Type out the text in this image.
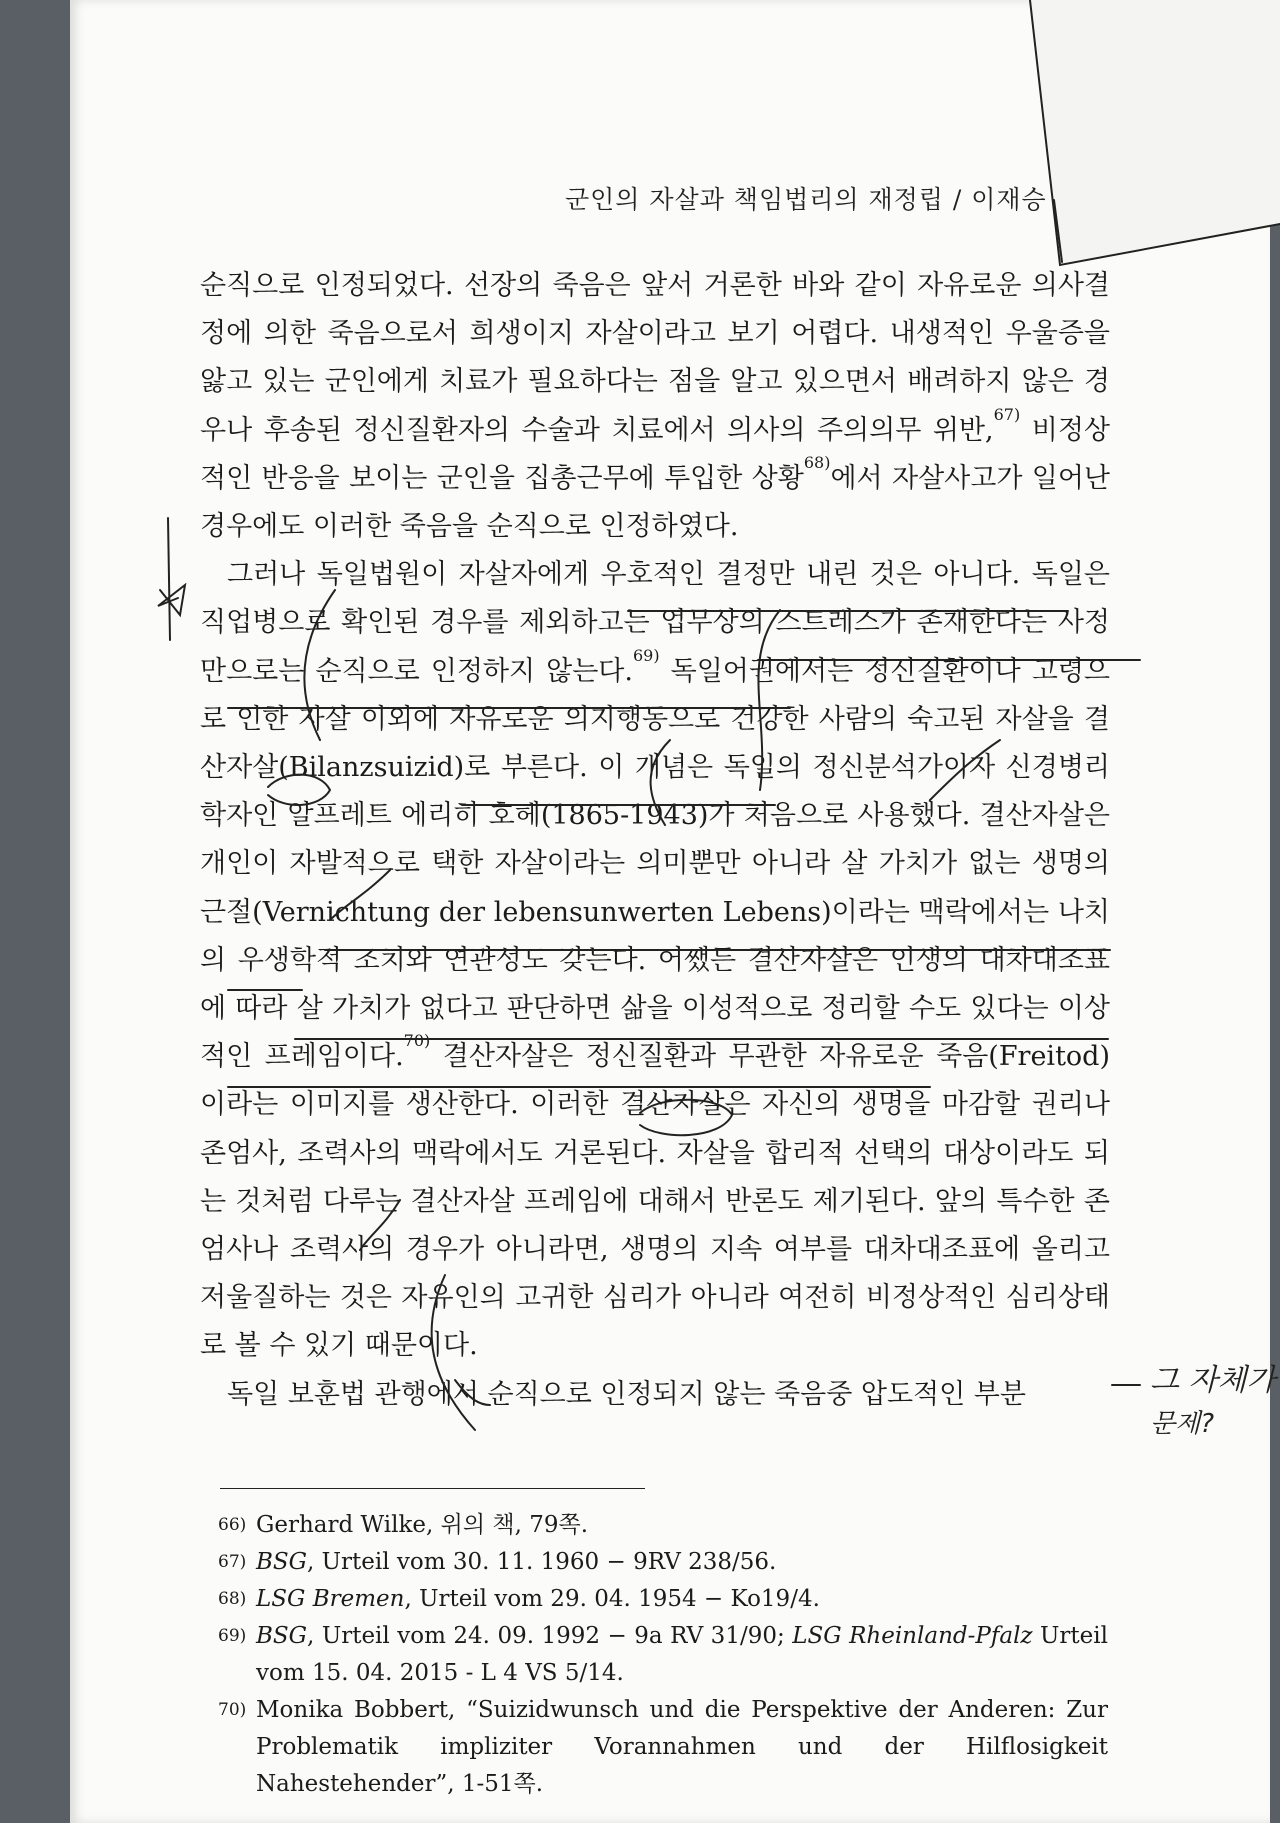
군인의 자살과 책임법리의 재정립 / 이재승

순직으로 인정되었다. 선장의 죽음은 앞서 거론한 바와 같이 자유로운 의사결정에 의한 죽음으로서 희생이지 자살이라고 보기 어렵다. 내생적인 우울증을 앓고 있는 군인에게 치료가 필요하다는 점을 알고 있으면서 배려하지 않은 경우나 후송된 정신질환자의 수술과 치료에서 의사의 주의의무 위반,$^{67)}$ 비정상적인 반응을 보이는 군인을 집총근무에 투입한 상황$^{68)}$에서 자살사고가 일어난 경우에도 이러한 죽음을 순직으로 인정하였다.

그러나 독일법원이 자살자에게 우호적인 결정만 내린 것은 아니다. 독일은 직업병으로 확인된 경우를 제외하고는 업무상의 스트레스가 존재한다는 사정만으로는 순직으로 인정하지 않는다.$^{69)}$ 독일어권에서는 정신질환이나 고령으로 인한 자살 이외에 자유로운 의지행동으로 건강한 사람의 숙고된 자살을 결산자살(Bilanzsuizid)로 부른다. 이 개념은 독일의 정신분석가이자 신경병리학자인 알프레트 에리히 호헤(1865-1943)가 처음으로 사용했다. 결산자살은 개인이 자발적으로 택한 자살이라는 의미뿐만 아니라 살 가치가 없는 생명의 근절(Vernichtung der lebensunwerten Lebens)이라는 맥락에서는 나치의 우생학적 조치와 연관성도 갖는다. 어쨌든 결산자살은 인생의 대차대조표에 따라 살 가치가 없다고 판단하면 삶을 이성적으로 정리할 수도 있다는 이상적인 프레임이다.$^{70)}$ 결산자살은 정신질환과 무관한 자유로운 죽음(Freitod)이라는 이미지를 생산한다. 이러한 결산자살은 자신의 생명을 마감할 권리나 존엄사, 조력사의 맥락에서도 거론된다. 자살을 합리적 선택의 대상이라도 되는 것처럼 다루는 결산자살 프레임에 대해서 반론도 제기된다. 앞의 특수한 존엄사나 조력사의 경우가 아니라면, 생명의 지속 여부를 대차대조표에 올리고 저울질하는 것은 자유인의 고귀한 심리가 아니라 여전히 비정상적인 심리상태로 볼 수 있기 때문이다.

독일 보훈법 관행에서 순직으로 인정되지 않는 죽음중 압도적인 부분

66) Gerhard Wilke, 위의 책, 79쪽.
67) BSG, Urteil vom 30. 11. 1960 − 9RV 238/56.
68) LSG Bremen, Urteil vom 29. 04. 1954 − Ko19/4.
69) BSG, Urteil vom 24. 09. 1992 − 9a RV 31/90; LSG Rheinland-Pfalz Urteil vom 15. 04. 2015 - L 4 VS 5/14.
70) Monika Bobbert, “Suizidwunsch und die Perspektive der Anderen: Zur Problematik impliziter Vorannahmen und der Hilflosigkeit Nahestehender”, 1-51쪽.
그 자체가
문제?
